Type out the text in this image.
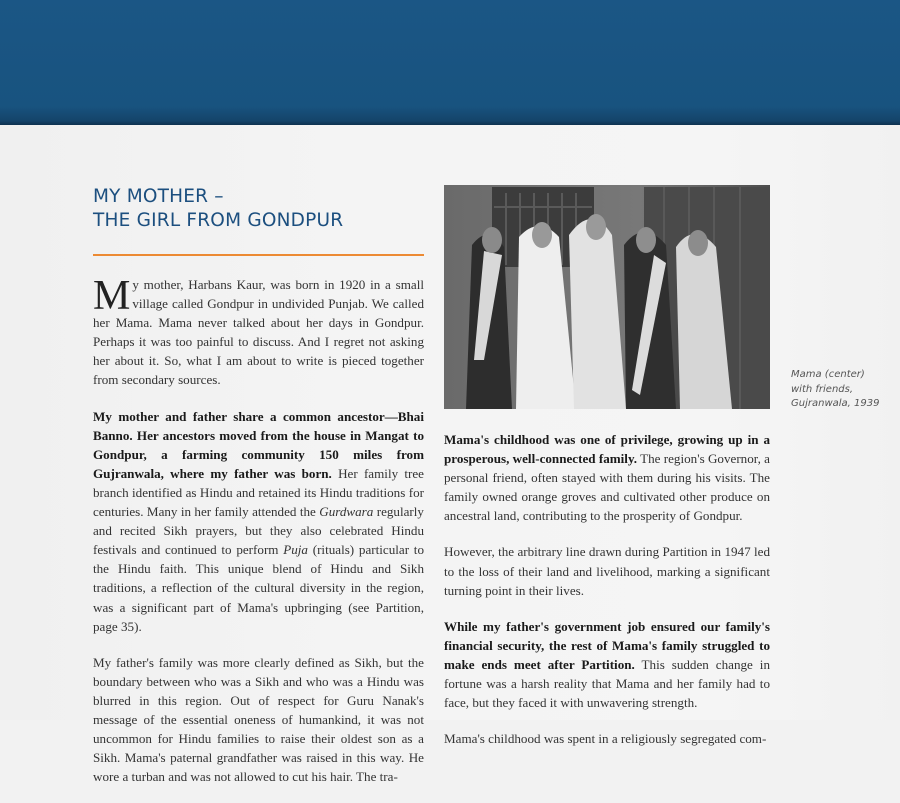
MY MOTHER –
THE GIRL FROM GONDPUR

My mother, Harbans Kaur, was born in 1920 in a small village called Gondpur in undivided Punjab. We called her Mama. Mama never talked about her days in Gondpur. Perhaps it was too painful to discuss. And I regret not asking her about it. So, what I am about to write is pieced together from secondary sources.

My mother and father share a common ancestor—Bhai Banno. Her ancestors moved from the house in Mangat to Gondpur, a farming community 150 miles from Gujranwala, where my father was born. Her family tree branch identified as Hindu and retained its Hindu traditions for centuries. Many in her family attended the Gurdwara regularly and recited Sikh prayers, but they also celebrated Hindu festivals and continued to perform Puja (rituals) particular to the Hindu faith. This unique blend of Hindu and Sikh traditions, a reflection of the cultural diversity in the region, was a significant part of Mama's upbringing (see Partition, page 35).

My father's family was more clearly defined as Sikh, but the boundary between who was a Sikh and who was a Hindu was blurred in this region. Out of respect for Guru Nanak's message of the essential oneness of humankind, it was not uncommon for Hindu families to raise their oldest son as a Sikh. Mama's paternal grandfather was raised in this way. He wore a turban and was not allowed to cut his hair. The tra-

Mama's childhood was one of privilege, growing up in a prosperous, well-connected family. The region's Governor, a personal friend, often stayed with them during his visits. The family owned orange groves and cultivated other produce on ancestral land, contributing to the prosperity of Gondpur.

However, the arbitrary line drawn during Partition in 1947 led to the loss of their land and livelihood, marking a significant turning point in their lives.

While my father's government job ensured our family's financial security, the rest of Mama's family struggled to make ends meet after Partition. This sudden change in fortune was a harsh reality that Mama and her family had to face, but they faced it with unwavering strength.

Mama's childhood was spent in a religiously segregated com-

Mama (center)
with friends,
Gujranwala, 1939
